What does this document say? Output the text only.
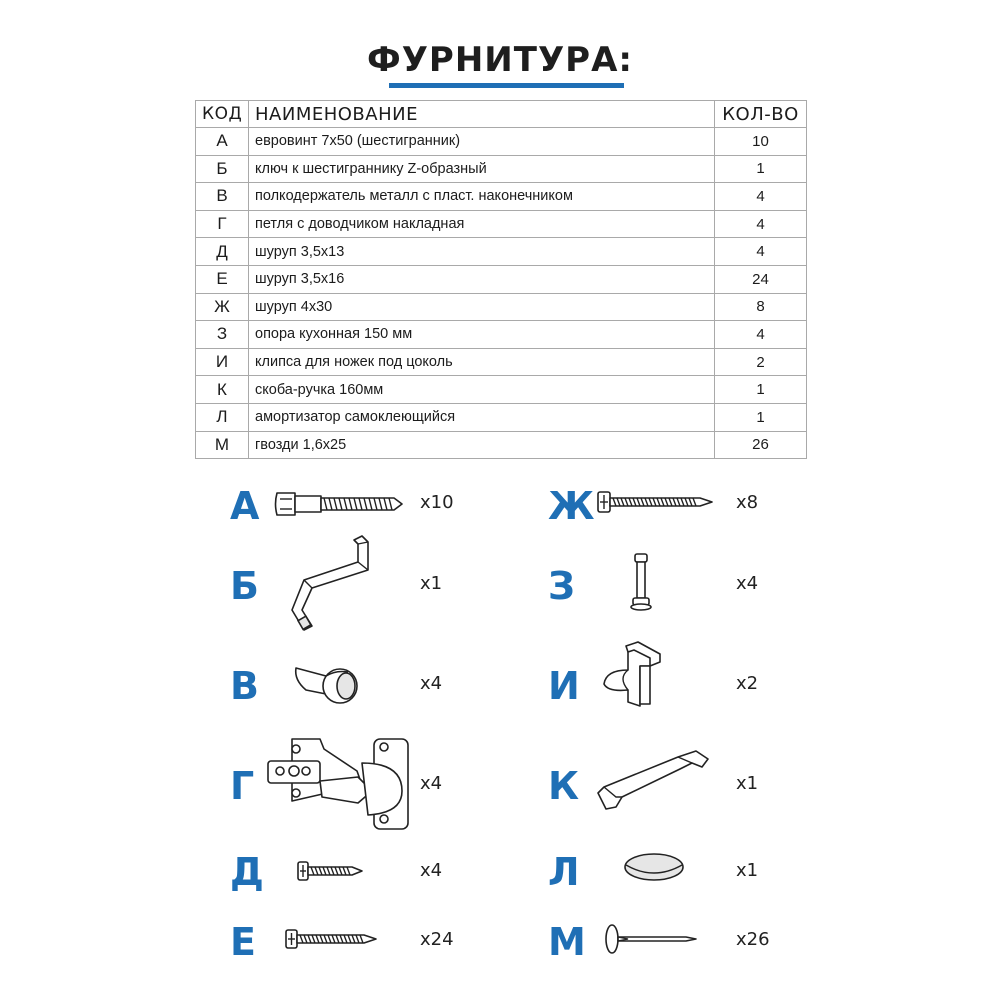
ФУРНИТУРА:
КОД	НАИМЕНОВАНИЕ	КОЛ-ВО
А	евровинт 7х50 (шестигранник)	10
Б	ключ к шестиграннику Z-образный	1
В	полкодержатель металл с пласт. наконечником	4
Г	петля с доводчиком накладная	4
Д	шуруп 3,5х13	4
Е	шуруп 3,5х16	24
Ж	шуруп 4х30	8
З	опора кухонная 150 мм	4
И	клипса для ножек под цоколь	2
К	скоба-ручка 160мм	1
Л	амортизатор самоклеющийся	1
М	гвозди 1,6х25	26
А	x10
Б	x1
В	x4
Г	x4
Д	x4
Е	x24
Ж	x8
З	x4
И	x2
К	x1
Л	x1
М	x26
